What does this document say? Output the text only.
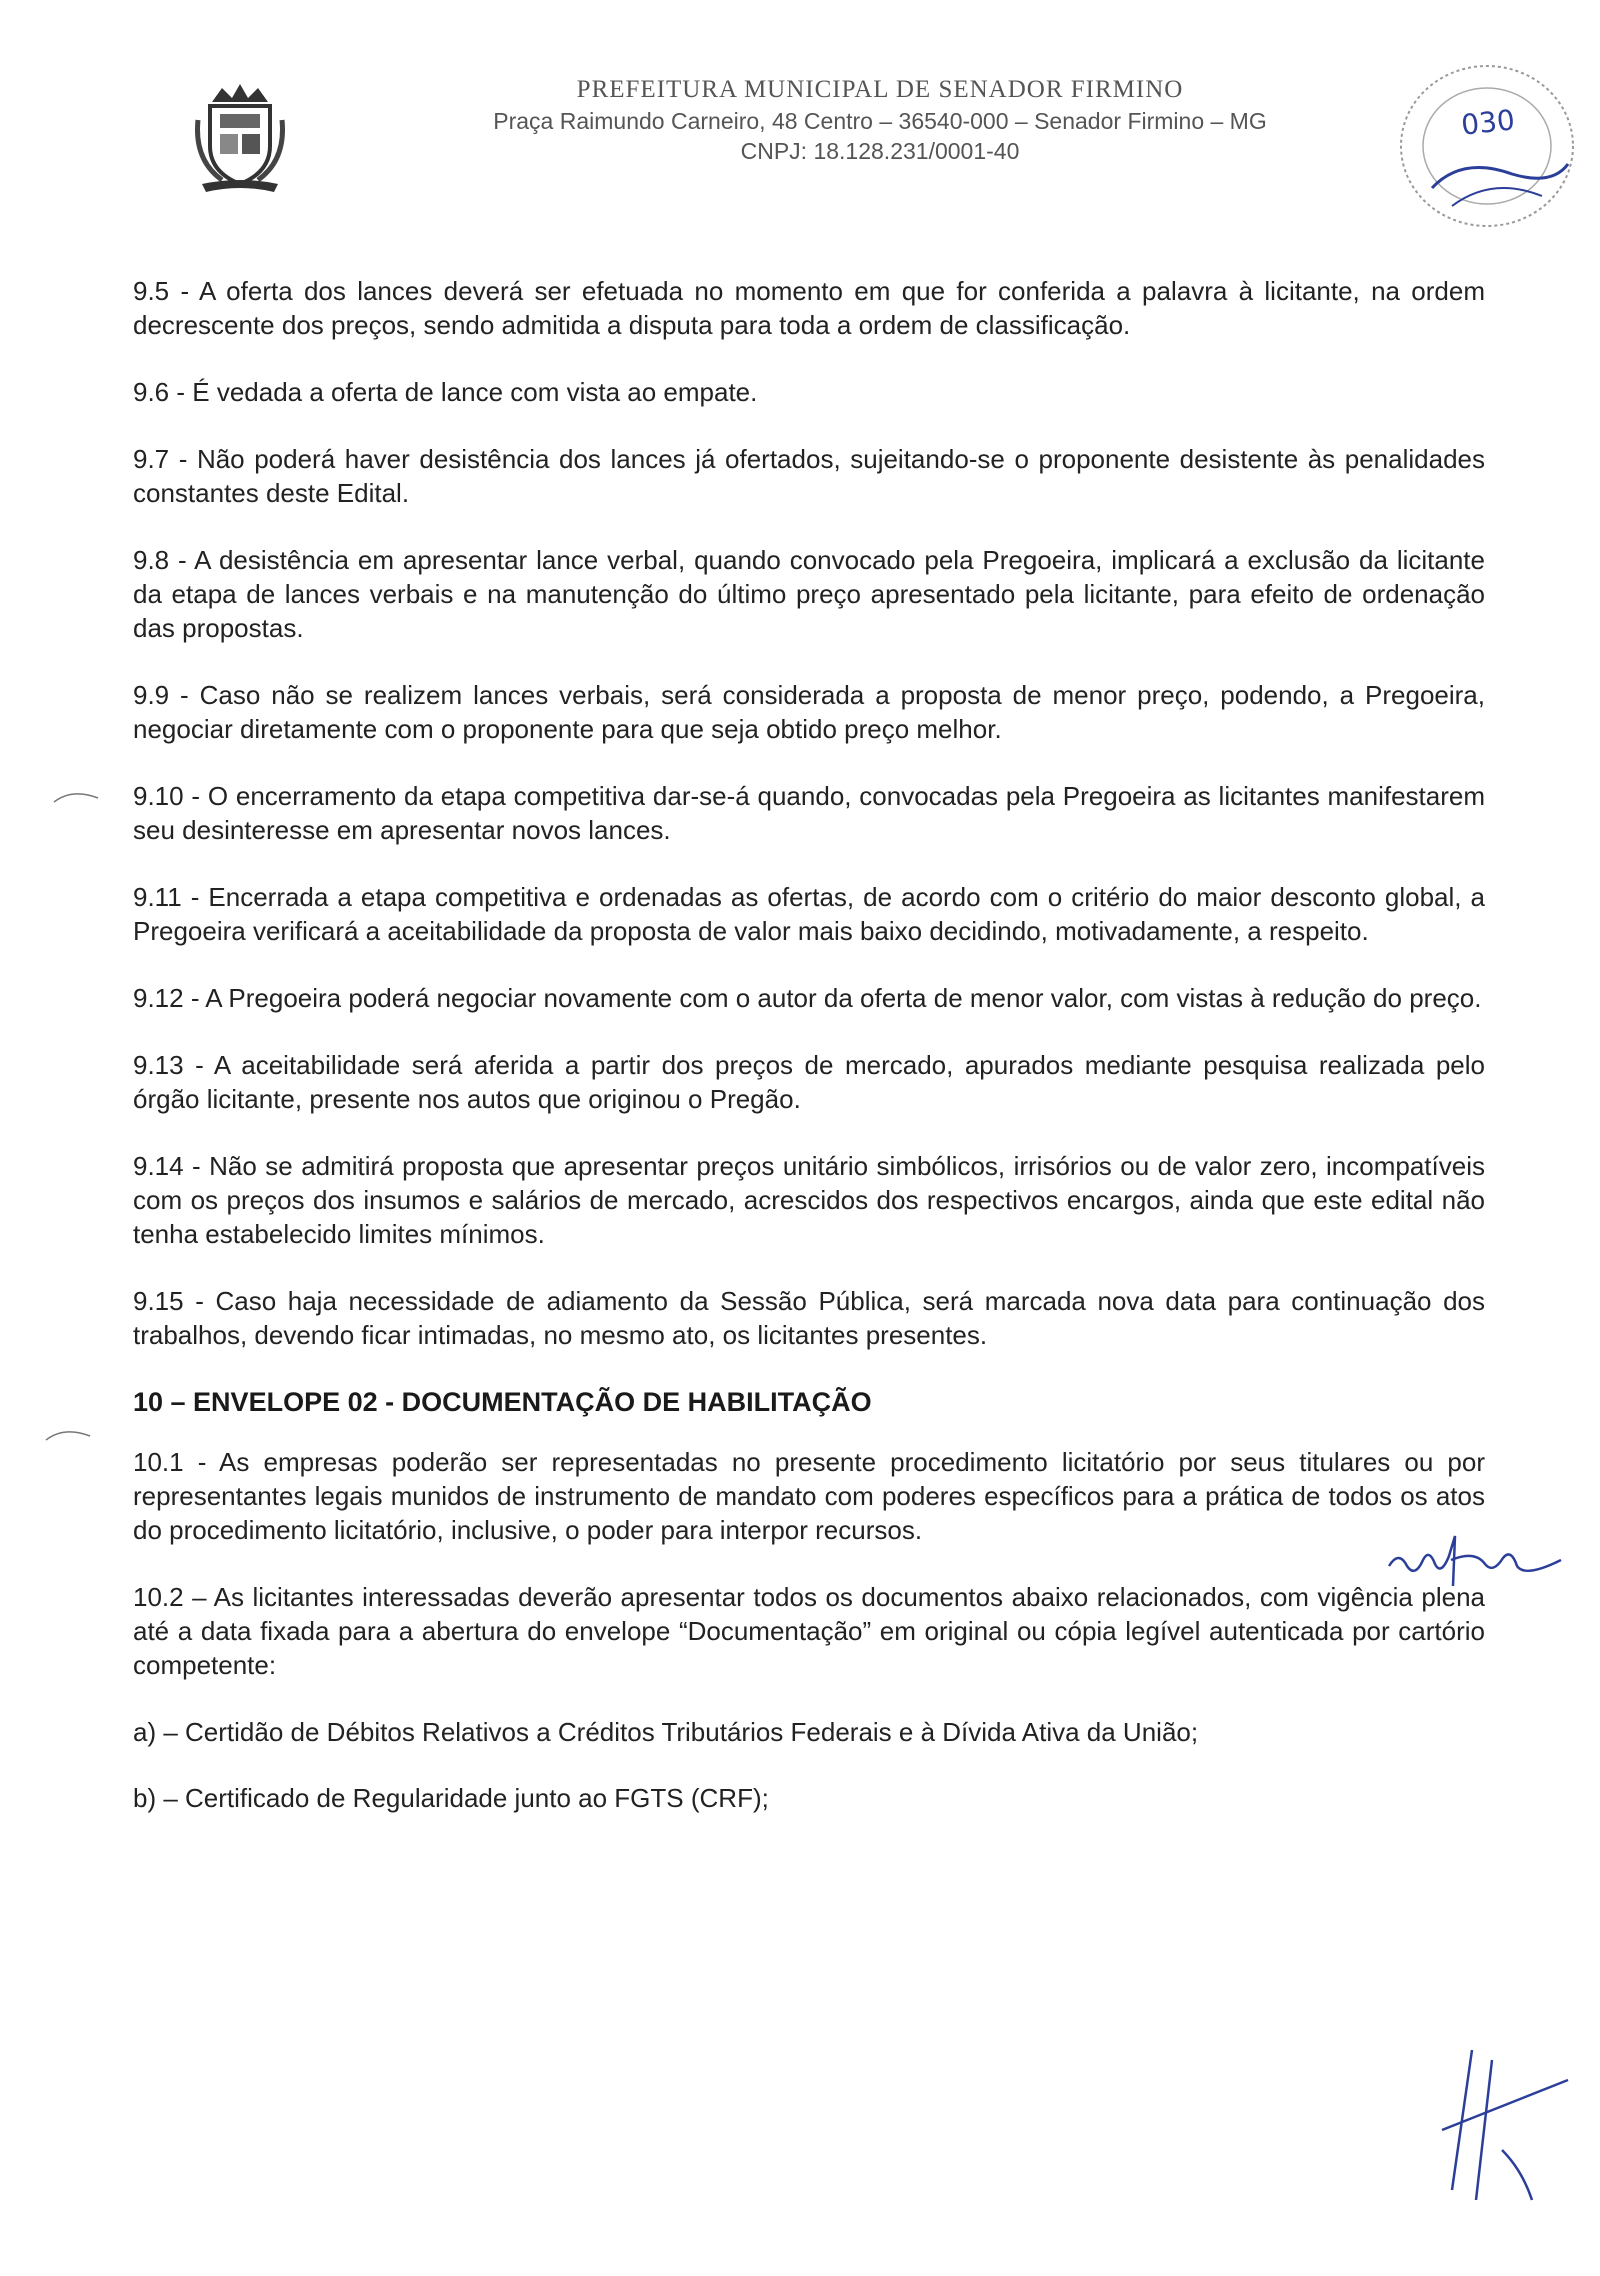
PREFEITURA MUNICIPAL DE SENADOR FIRMINO
Praça Raimundo Carneiro, 48 Centro – 36540-000 – Senador Firmino – MG
CNPJ: 18.128.231/0001-40
030

9.5 - A oferta dos lances deverá ser efetuada no momento em que for conferida a palavra à licitante, na ordem decrescente dos preços, sendo admitida a disputa para toda a ordem de classificação.

9.6 - É vedada a oferta de lance com vista ao empate.

9.7 - Não poderá haver desistência dos lances já ofertados, sujeitando-se o proponente desistente às penalidades constantes deste Edital.

9.8 - A desistência em apresentar lance verbal, quando convocado pela Pregoeira, implicará a exclusão da licitante da etapa de lances verbais e na manutenção do último preço apresentado pela licitante, para efeito de ordenação das propostas.

9.9 - Caso não se realizem lances verbais, será considerada a proposta de menor preço, podendo, a Pregoeira, negociar diretamente com o proponente para que seja obtido preço melhor.

9.10 - O encerramento da etapa competitiva dar-se-á quando, convocadas pela Pregoeira as licitantes manifestarem seu desinteresse em apresentar novos lances.

9.11 - Encerrada a etapa competitiva e ordenadas as ofertas, de acordo com o critério do maior desconto global, a Pregoeira verificará a aceitabilidade da proposta de valor mais baixo decidindo, motivadamente, a respeito.

9.12 - A Pregoeira poderá negociar novamente com o autor da oferta de menor valor, com vistas à redução do preço.

9.13 - A aceitabilidade será aferida a partir dos preços de mercado, apurados mediante pesquisa realizada pelo órgão licitante, presente nos autos que originou o Pregão.

9.14 - Não se admitirá proposta que apresentar preços unitário simbólicos, irrisórios ou de valor zero, incompatíveis com os preços dos insumos e salários de mercado, acrescidos dos respectivos encargos, ainda que este edital não tenha estabelecido limites mínimos.

9.15 - Caso haja necessidade de adiamento da Sessão Pública, será marcada nova data para continuação dos trabalhos, devendo ficar intimadas, no mesmo ato, os licitantes presentes.

10 – ENVELOPE 02 - DOCUMENTAÇÃO DE HABILITAÇÃO

10.1 - As empresas poderão ser representadas no presente procedimento licitatório por seus titulares ou por representantes legais munidos de instrumento de mandato com poderes específicos para a prática de todos os atos do procedimento licitatório, inclusive, o poder para interpor recursos.

10.2 – As licitantes interessadas deverão apresentar todos os documentos abaixo relacionados, com vigência plena até a data fixada para a abertura do envelope “Documentação” em original ou cópia legível autenticada por cartório competente:

a) – Certidão de Débitos Relativos a Créditos Tributários Federais e à Dívida Ativa da União;
b) – Certificado de Regularidade junto ao FGTS (CRF);
